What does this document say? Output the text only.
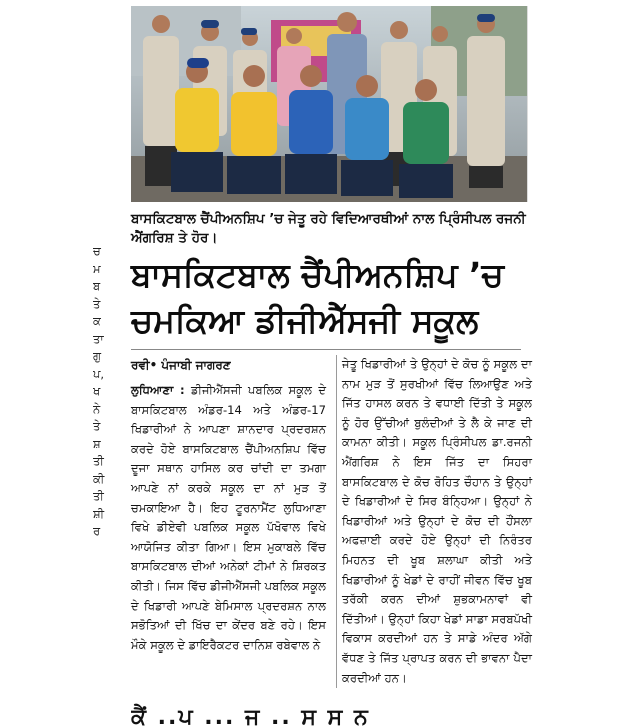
ਬਾਸਕਿਟਬਾਲ ਚੈਂਪੀਅਨਸ਼ਿਪ ’ਚ ਜੇਤੂ ਰਹੇ ਵਿਦਿਆਰਥੀਆਂ ਨਾਲ ਪ੍ਰਿੰਸੀਪਲ ਰਜਨੀ ਐਂਗਰਿਸ਼ ਤੇ ਹੋਰ।
ਚ
ਮ
ਬ
ਤੇ
ਕ
ਤਾ
ਗੁ
ਪ,
ਖ
ਨੇ
ਤੇ
ਸ਼
ਤੀ
ਕੀ
ਤੀ
ਸ਼ੀ
ਰ
ਬਾਸਕਿਟਬਾਲ ਚੈਂਪੀਅਨਸ਼ਿਪ ’ਚ
ਚਮਕਿਆ ਡੀਜੀਐੱਸਜੀ ਸਕੂਲ
ਰਵੀ• ਪੰਜਾਬੀ ਜਾਗਰਣ
ਲੁਧਿਆਣਾ : ਡੀਜੀਐੱਸਜੀ ਪਬਲਿਕ ਸਕੂਲ ਦੇ ਬਾਸਕਿਟਬਾਲ ਅੰਡਰ-14 ਅਤੇ ਅੰਡਰ-17 ਖਿਡਾਰੀਆਂ ਨੇ ਆਪਣਾ ਸ਼ਾਨਦਾਰ ਪ੍ਰਦਰਸ਼ਨ ਕਰਦੇ ਹੋਏ ਬਾਸਕਿਟਬਾਲ ਚੈਂਪੀਅਨਸ਼ਿਪ ਵਿੱਚ ਦੂਜਾ ਸਥਾਨ ਹਾਸਿਲ ਕਰ ਚਾਂਦੀ ਦਾ ਤਮਗਾ ਆਪਣੇ ਨਾਂ ਕਰਕੇ ਸਕੂਲ ਦਾ ਨਾਂ ਮੁੜ ਤੋਂ ਚਮਕਾਇਆ ਹੈ। ਇਹ ਟੂਰਨਾਮੈਂਟ ਲੁਧਿਆਣਾ ਵਿਖੇ ਡੀਏਵੀ ਪਬਲਿਕ ਸਕੂਲ ਪੱਖੋਵਾਲ ਵਿਖੇ ਆਯੋਜਿਤ ਕੀਤਾ ਗਿਆ। ਇਸ ਮੁਕਾਬਲੇ ਵਿੱਚ ਬਾਸਕਿਟਬਾਲ ਦੀਆਂ ਅਨੇਕਾਂ ਟੀਮਾਂ ਨੇ ਸ਼ਿਰਕਤ ਕੀਤੀ। ਜਿਸ ਵਿੱਚ ਡੀਜੀਐੱਸਜੀ ਪਬਲਿਕ ਸਕੂਲ ਦੇ ਖਿਡਾਰੀ ਆਪਣੇ ਬੇਮਿਸਾਲ ਪ੍ਰਦਰਸ਼ਨ ਨਾਲ ਸਭੋਤਿਆਂ ਦੀ ਖਿੱਚ ਦਾ ਕੇਂਦਰ ਬਣੇ ਰਹੇ। ਇਸ ਮੌਕੇ ਸਕੂਲ ਦੇ ਡਾਇਰੈਕਟਰ ਦਾਨਿਸ਼ ਰਬੇਵਾਲ ਨੇ
ਜੇਤੂ ਖਿਡਾਰੀਆਂ ਤੇ ਉਨ੍ਹਾਂ ਦੇ ਕੋਚ ਨੂੰ ਸਕੂਲ ਦਾ ਨਾਮ ਮੁੜ ਤੋਂ ਸੁਰਖੀਆਂ ਵਿੱਚ ਲਿਆਉਣ ਅਤੇ ਜਿੱਤ ਹਾਸਲ ਕਰਨ ਤੇ ਵਧਾਈ ਦਿੱਤੀ ਤੇ ਸਕੂਲ ਨੂੰ ਹੋਰ ਉੱਚੀਆਂ ਬੁਲੰਦੀਆਂ ਤੇ ਲੈ ਕੇ ਜਾਣ ਦੀ ਕਾਮਨਾ ਕੀਤੀ। ਸਕੂਲ ਪ੍ਰਿੰਸੀਪਲ ਡਾ.ਰਜਨੀ ਐਂਗਰਿਸ਼ ਨੇ ਇਸ ਜਿੱਤ ਦਾ ਸਿਹਰਾ ਬਾਸਕਿਟਬਾਲ ਦੇ ਕੋਚ ਰੋਹਿਤ ਚੌਹਾਨ ਤੇ ਉਨ੍ਹਾਂ ਦੇ ਖਿਡਾਰੀਆਂ ਦੇ ਸਿਰ ਬੰਨ੍ਹਿਆ। ਉਨ੍ਹਾਂ ਨੇ ਖਿਡਾਰੀਆਂ ਅਤੇ ਉਨ੍ਹਾਂ ਦੇ ਕੋਚ ਦੀ ਹੌਂਸਲਾ ਅਫਜ਼ਾਈ ਕਰਦੇ ਹੋਏ ਉਨ੍ਹਾਂ ਦੀ ਨਿਰੰਤਰ ਮਿਹਨਤ ਦੀ ਖੂਬ ਸ਼ਲਾਘਾ ਕੀਤੀ ਅਤੇ ਖਿਡਾਰੀਆਂ ਨੂੰ ਖੇਡਾਂ ਦੇ ਰਾਹੀਂ ਜੀਵਨ ਵਿੱਚ ਖੂਬ ਤਰੱਕੀ ਕਰਨ ਦੀਆਂ ਸ਼ੁਭਕਾਮਨਾਵਾਂ ਵੀ ਦਿੱਤੀਆਂ। ਉਨ੍ਹਾਂ ਕਿਹਾ ਖੇਡਾਂ ਸਾਡਾ ਸਰਬਪੱਖੀ ਵਿਕਾਸ ਕਰਦੀਆਂ ਹਨ ਤੇ ਸਾਡੇ ਅੰਦਰ ਅੱਗੇ ਵੱਧਣ ਤੇ ਜਿੱਤ ਪ੍ਰਾਪਤ ਕਰਨ ਦੀ ਭਾਵਨਾ ਪੈਦਾ ਕਰਦੀਆਂ ਹਨ।
ਕੈਂ ..ਪ ... ਜ .. ਸ ਸ ਨ
